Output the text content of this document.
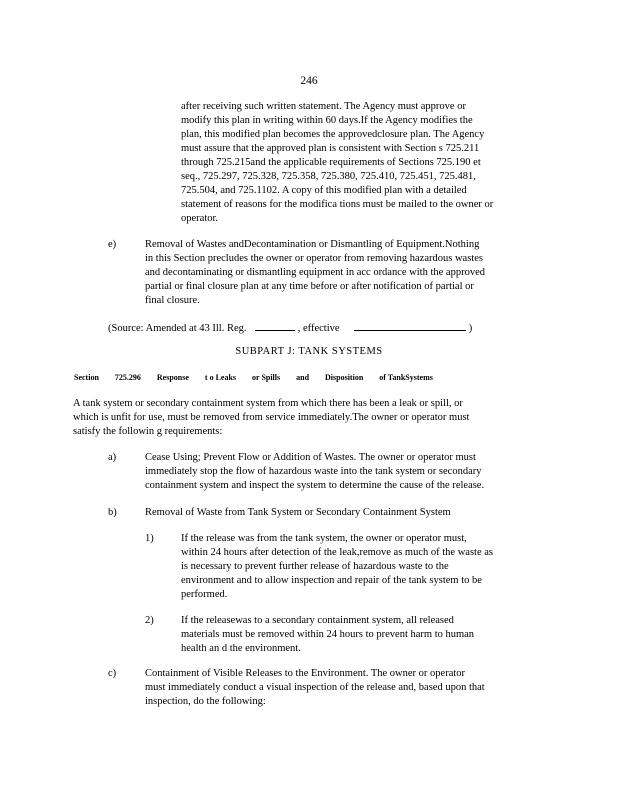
246
after receiving such written statement. The Agency must approve or
modify this plan in writing within 60 days.If the Agency modifies the
plan, this modified plan becomes the approvedclosure plan. The Agency
must assure that the approved plan is consistent with Section s 725.211
through 725.215and the applicable requirements of Sections 725.190 et
seq., 725.297, 725.328, 725.358, 725.380, 725.410, 725.451, 725.481,
725.504, and 725.1102. A copy of this modified plan with a detailed
statement of reasons for the modifica tions must be mailed to the owner or
operator.
e)	Removal of Wastes andDecontamination or Dismantling of Equipment.Nothing
in this Section precludes the owner or operator from removing hazardous wastes
and decontaminating or dismantling equipment in acc ordance with the approved
partial or final closure plan at any time before or after notification of partial or
final closure.
(Source: Amended at 43 Ill. Reg.	, effective	)
SUBPART J: TANK SYSTEMS
Section 725.296 Response t o Leaks or Spills and Disposition of TankSystems
A tank system or secondary containment system from which there has been a leak or spill, or
which is unfit for use, must be removed from service immediately.The owner or operator must
satisfy the followin g requirements:
a)	Cease Using; Prevent Flow or Addition of Wastes. The owner or operator must
immediately stop the flow of hazardous waste into the tank system or secondary
containment system and inspect the system to determine the cause of the release.
b)	Removal of Waste from Tank System or Secondary Containment System
1)	If the release was from the tank system, the owner or operator must,
within 24 hours after detection of the leak,remove as much of the waste as
is necessary to prevent further release of hazardous waste to the
environment and to allow inspection and repair of the tank system to be
performed.
2)	If the releasewas to a secondary containment system, all released
materials must be removed within 24 hours to prevent harm to human
health an d the environment.
c)	Containment of Visible Releases to the Environment. The owner or operator
must immediately conduct a visual inspection of the release and, based upon that
inspection, do the following:
